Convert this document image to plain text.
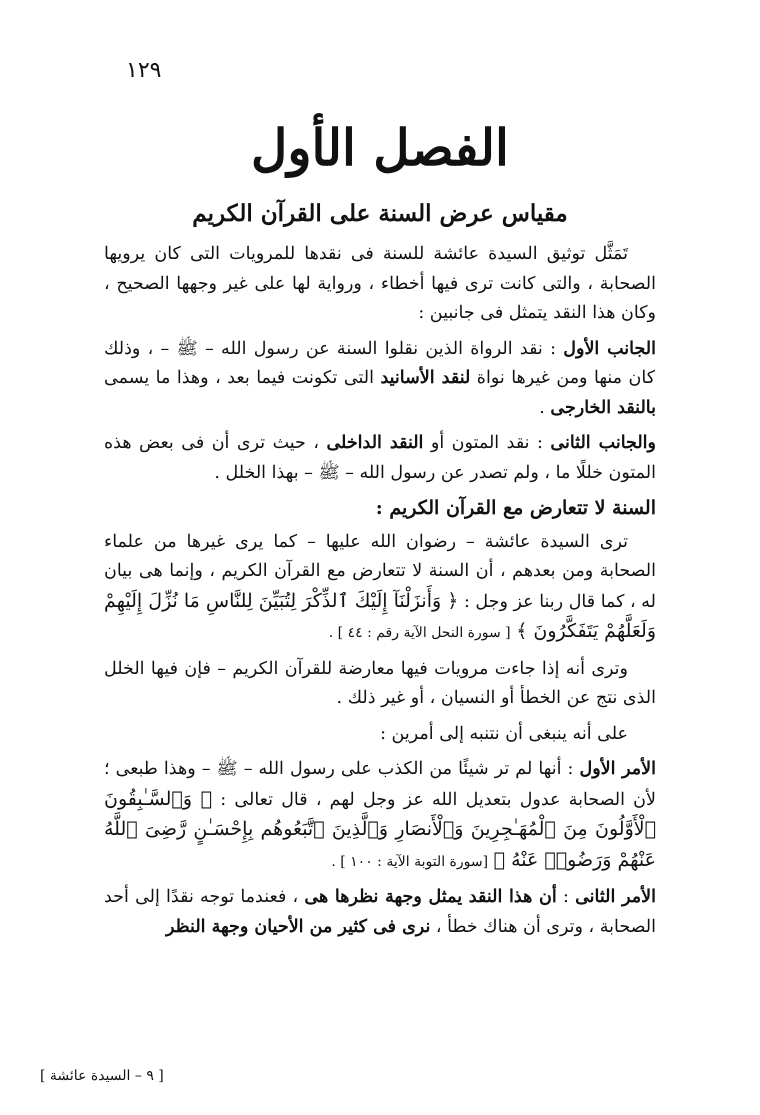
١٢٩
الفصل الأول
مقياس عرض السنة على القرآن الكريم

تَمَثَّل توثيق السيدة عائشة للسنة فى نقدها للمرويات التى كان يرويها الصحابة ، والتى كانت ترى فيها أخطاء ، ورواية لها على غير وجهها الصحيح ، وكان هذا النقد يتمثل فى جانبين :

الجانب الأول : نقد الرواة الذين نقلوا السنة عن رسول الله – ﷺ – ، وذلك كان منها ومن غيرها نواة لنقد الأسانيد التى تكونت فيما بعد ، وهذا ما يسمى بالنقد الخارجى .

والجانب الثانى : نقد المتون أو النقد الداخلى ، حيث ترى أن فى بعض هذه المتون خللًا ما ، ولم تصدر عن رسول الله – ﷺ – بهذا الخلل .

السنة لا تتعارض مع القرآن الكريم :

ترى السيدة عائشة – رضوان الله عليها – كما يرى غيرها من علماء الصحابة ومن بعدهم ، أن السنة لا تتعارض مع القرآن الكريم ، وإنما هى بيان له ، كما قال ربنا عز وجل : ﴿ وَأَنزَلْنَآ إِلَيْكَ ٱلذِّكْرَ لِتُبَيِّنَ لِلنَّاسِ مَا نُزِّلَ إِلَيْهِمْ وَلَعَلَّهُمْ يَتَفَكَّرُونَ ﴾ [ سورة النحل الآية رقم : ٤٤ ] .

وترى أنه إذا جاءت مرويات فيها معارضة للقرآن الكريم – فإن فيها الخلل الذى نتج عن الخطأ أو النسيان ، أو غير ذلك .

على أنه ينبغى أن نتنبه إلى أمرين :

الأمر الأول : أنها لم تر شيئًا من الكذب على رسول الله – ﷺ – وهذا طبعى ؛ لأن الصحابة عدول بتعديل الله عز وجل لهم ، قال تعالى : ﴿ وَٱلسَّـٰبِقُونَ ٱلْأَوَّلُونَ مِنَ ٱلْمُهَـٰجِرِينَ وَٱلْأَنصَارِ وَٱلَّذِينَ ٱتَّبَعُوهُم بِإِحْسَـٰنٍ رَّضِىَ ٱللَّهُ عَنْهُمْ وَرَضُوا۟ عَنْهُ ﴾ [سورة التوبة الآية : ١٠٠ ] .

الأمر الثانى : أن هذا النقد يمثل وجهة نظرها هى ، فعندما توجه نقدًا إلى أحد الصحابة ، وترى أن هناك خطأ ، نرى فى كثير من الأحيان وجهة النظر

[ ٩ – السيدة عائشة ]
